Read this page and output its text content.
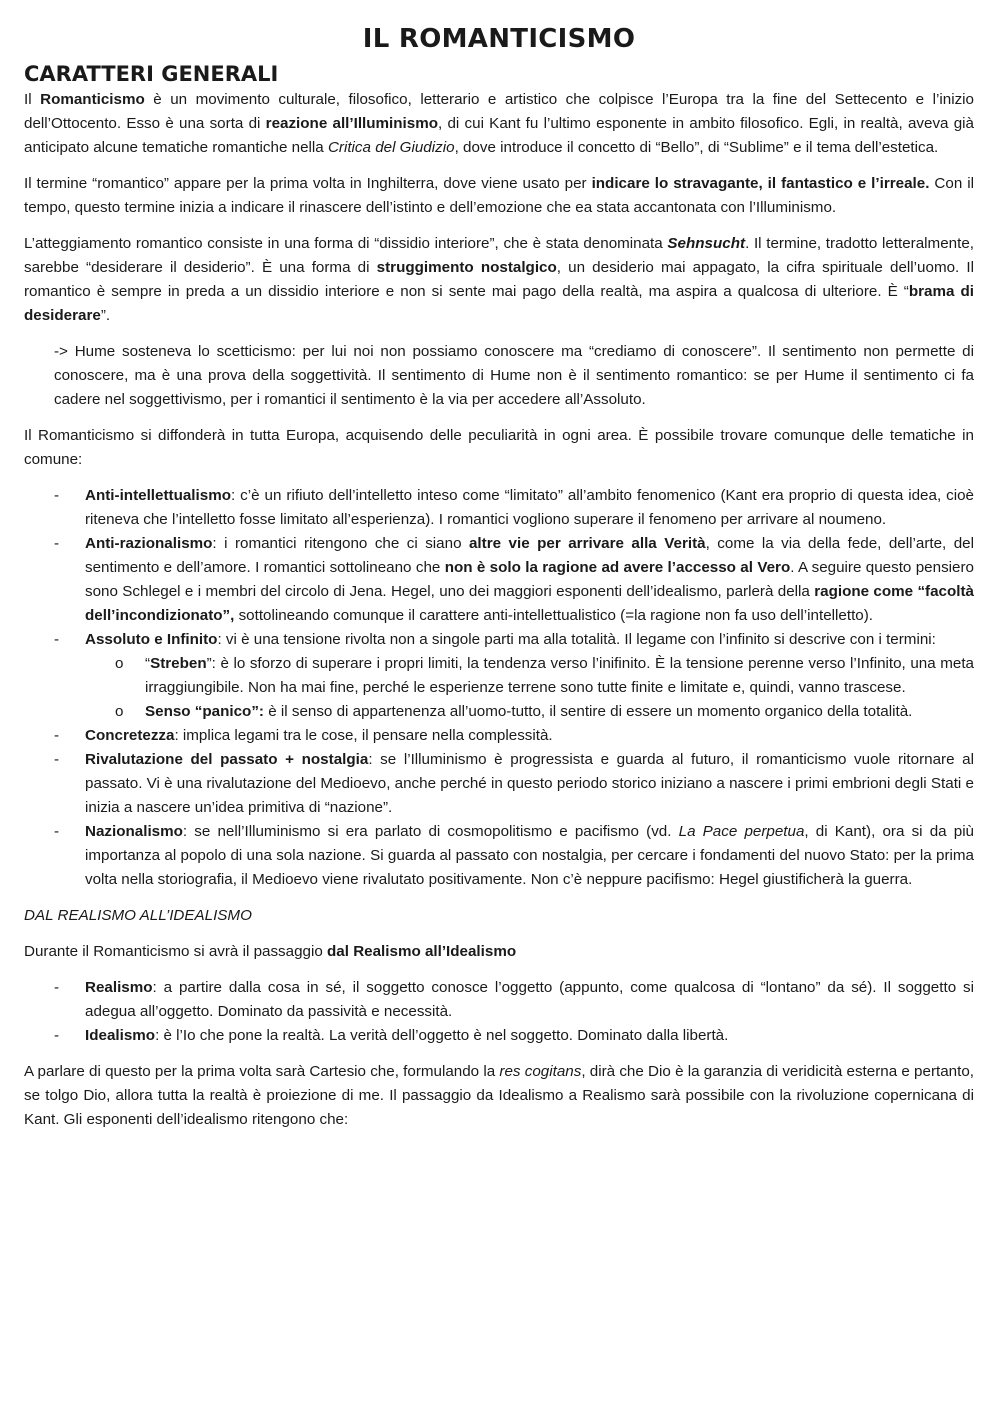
IL ROMANTICISMO
CARATTERI GENERALI

Il Romanticismo è un movimento culturale, filosofico, letterario e artistico che colpisce l’Europa tra la fine del Settecento e l’inizio dell’Ottocento. Esso è una sorta di reazione all’Illuminismo, di cui Kant fu l’ultimo esponente in ambito filosofico. Egli, in realtà, aveva già anticipato alcune tematiche romantiche nella Critica del Giudizio, dove introduce il concetto di “Bello”, di “Sublime” e il tema dell’estetica.

Il termine “romantico” appare per la prima volta in Inghilterra, dove viene usato per indicare lo stravagante, il fantastico e l’irreale. Con il tempo, questo termine inizia a indicare il rinascere dell’istinto e dell’emozione che ea stata accantonata con l’Illuminismo.

L’atteggiamento romantico consiste in una forma di “dissidio interiore”, che è stata denominata Sehnsucht. Il termine, tradotto letteralmente, sarebbe “desiderare il desiderio”. È una forma di struggimento nostalgico, un desiderio mai appagato, la cifra spirituale dell’uomo. Il romantico è sempre in preda a un dissidio interiore e non si sente mai pago della realtà, ma aspira a qualcosa di ulteriore. È “brama di desiderare”.

-> Hume sosteneva lo scetticismo: per lui noi non possiamo conoscere ma “crediamo di conoscere”. Il sentimento non permette di conoscere, ma è una prova della soggettività. Il sentimento di Hume non è il sentimento romantico: se per Hume il sentimento ci fa cadere nel soggettivismo, per i romantici il sentimento è la via per accedere all’Assoluto.

Il Romanticismo si diffonderà in tutta Europa, acquisendo delle peculiarità in ogni area. È possibile trovare comunque delle tematiche in comune:

- Anti-intellettualismo: c’è un rifiuto dell’intelletto inteso come “limitato” all’ambito fenomenico (Kant era proprio di questa idea, cioè riteneva che l’intelletto fosse limitato all’esperienza). I romantici vogliono superare il fenomeno per arrivare al noumeno.
- Anti-razionalismo: i romantici ritengono che ci siano altre vie per arrivare alla Verità, come la via della fede, dell’arte, del sentimento e dell’amore. I romantici sottolineano che non è solo la ragione ad avere l’accesso al Vero. A seguire questo pensiero sono Schlegel e i membri del circolo di Jena. Hegel, uno dei maggiori esponenti dell’idealismo, parlerà della ragione come “facoltà dell’incondizionato”, sottolineando comunque il carattere anti-intellettualistico (=la ragione non fa uso dell’intelletto).
- Assoluto e Infinito: vi è una tensione rivolta non a singole parti ma alla totalità. Il legame con l’infinito si descrive con i termini:
o “Streben”: è lo sforzo di superare i propri limiti, la tendenza verso l’inifinito. È la tensione perenne verso l’Infinito, una meta irraggiungibile. Non ha mai fine, perché le esperienze terrene sono tutte finite e limitate e, quindi, vanno trascese.
o Senso “panico”: è il senso di appartenenza all’uomo-tutto, il sentire di essere un momento organico della totalità.
- Concretezza: implica legami tra le cose, il pensare nella complessità.
- Rivalutazione del passato + nostalgia: se l’Illuminismo è progressista e guarda al futuro, il romanticismo vuole ritornare al passato. Vi è una rivalutazione del Medioevo, anche perché in questo periodo storico iniziano a nascere i primi embrioni degli Stati e inizia a nascere un’idea primitiva di “nazione”.
- Nazionalismo: se nell’Illuminismo si era parlato di cosmopolitismo e pacifismo (vd. La Pace perpetua, di Kant), ora si da più importanza al popolo di una sola nazione. Si guarda al passato con nostalgia, per cercare i fondamenti del nuovo Stato: per la prima volta nella storiografia, il Medioevo viene rivalutato positivamente. Non c’è neppure pacifismo: Hegel giustificherà la guerra.

DAL REALISMO ALL’IDEALISMO

Durante il Romanticismo si avrà il passaggio dal Realismo all’Idealismo

- Realismo: a partire dalla cosa in sé, il soggetto conosce l’oggetto (appunto, come qualcosa di “lontano” da sé). Il soggetto si adegua all’oggetto. Dominato da passività e necessità.
- Idealismo: è l’Io che pone la realtà. La verità dell’oggetto è nel soggetto. Dominato dalla libertà.

A parlare di questo per la prima volta sarà Cartesio che, formulando la res cogitans, dirà che Dio è la garanzia di veridicità esterna e pertanto, se tolgo Dio, allora tutta la realtà è proiezione di me. Il passaggio da Idealismo a Realismo sarà possibile con la rivoluzione copernicana di Kant. Gli esponenti dell’idealismo ritengono che:
